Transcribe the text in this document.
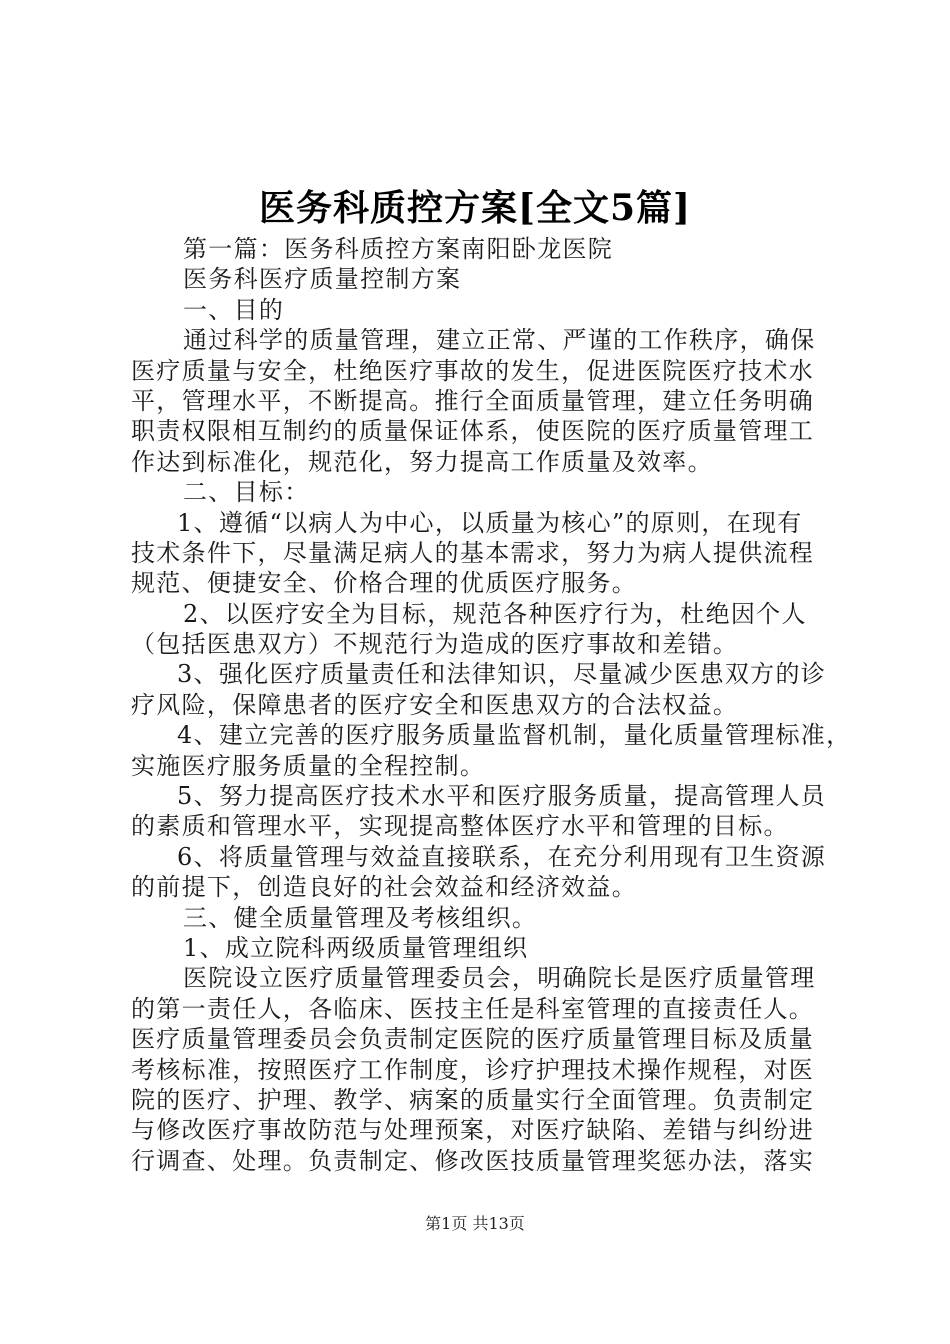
医务科质控方案[全文5篇]
第一篇：医务科质控方案南阳卧龙医院
医务科医疗质量控制方案
一、目的
通过科学的质量管理，建立正常、严谨的工作秩序，确保
医疗质量与安全，杜绝医疗事故的发生，促进医院医疗技术水
平，管理水平，不断提高。推行全面质量管理，建立任务明确
职责权限相互制约的质量保证体系，使医院的医疗质量管理工
作达到标准化，规范化，努力提高工作质量及效率。
二、目标：
1、遵循“以病人为中心，以质量为核心”的原则，在现有
技术条件下，尽量满足病人的基本需求，努力为病人提供流程
规范、便捷安全、价格合理的优质医疗服务。
2、以医疗安全为目标，规范各种医疗行为，杜绝因个人
（包括医患双方）不规范行为造成的医疗事故和差错。
3、强化医疗质量责任和法律知识，尽量减少医患双方的诊
疗风险，保障患者的医疗安全和医患双方的合法权益。
4、建立完善的医疗服务质量监督机制，量化质量管理标准，
实施医疗服务质量的全程控制。
5、努力提高医疗技术水平和医疗服务质量，提高管理人员
的素质和管理水平，实现提高整体医疗水平和管理的目标。
6、将质量管理与效益直接联系，在充分利用现有卫生资源
的前提下，创造良好的社会效益和经济效益。
三、健全质量管理及考核组织。
1、成立院科两级质量管理组织
医院设立医疗质量管理委员会，明确院长是医疗质量管理
的第一责任人，各临床、医技主任是科室管理的直接责任人。
医疗质量管理委员会负责制定医院的医疗质量管理目标及质量
考核标准，按照医疗工作制度，诊疗护理技术操作规程，对医
院的医疗、护理、教学、病案的质量实行全面管理。负责制定
与修改医疗事故防范与处理预案，对医疗缺陷、差错与纠纷进
行调查、处理。负责制定、修改医技质量管理奖惩办法，落实
第1页 共13页
